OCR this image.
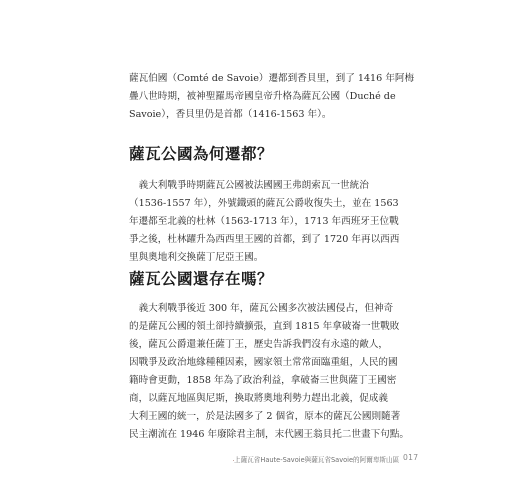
薩瓦伯國（Comté de Savoie）遷都到香貝里，到了 1416 年阿梅
疊八世時期，被神聖羅馬帝國皇帝升格為薩瓦公國（Duché de
Savoie），香貝里仍是首都（1416-1563 年）。
薩瓦公國為何遷都？
　義大利戰爭時期薩瓦公國被法國國王弗朗索瓦一世統治
（1536-1557 年），外號鐵頭的薩瓦公爵收復失土，並在 1563
年遷都至北義的杜林（1563-1713 年），1713 年西班牙王位戰
爭之後，杜林躍升為西西里王國的首都，到了 1720 年再以西西
里與奧地利交換薩丁尼亞王國。
薩瓦公國還存在嗎？
　義大利戰爭後近 300 年，薩瓦公國多次被法國侵占，但神奇
的是薩瓦公國的領土卻持續擴張，直到 1815 年拿破崙一世戰敗
後，薩瓦公爵還兼任薩丁王，歷史告訴我們沒有永遠的敵人，
因戰爭及政治地緣種種因素，國家領土常常面臨重組，人民的國
籍時會更動，1858 年為了政治利益，拿破崙三世與薩丁王國密
商，以薩瓦地區與尼斯，換取將奧地利勢力趕出北義，促成義
大利王國的統一，於是法國多了 2 個省，原本的薩瓦公國則隨著
民主潮流在 1946 年廢除君主制，末代國王翁貝托二世畫下句點。
上薩瓦省Haute-Savoie與薩瓦省Savoie的阿爾卑斯山區 017
